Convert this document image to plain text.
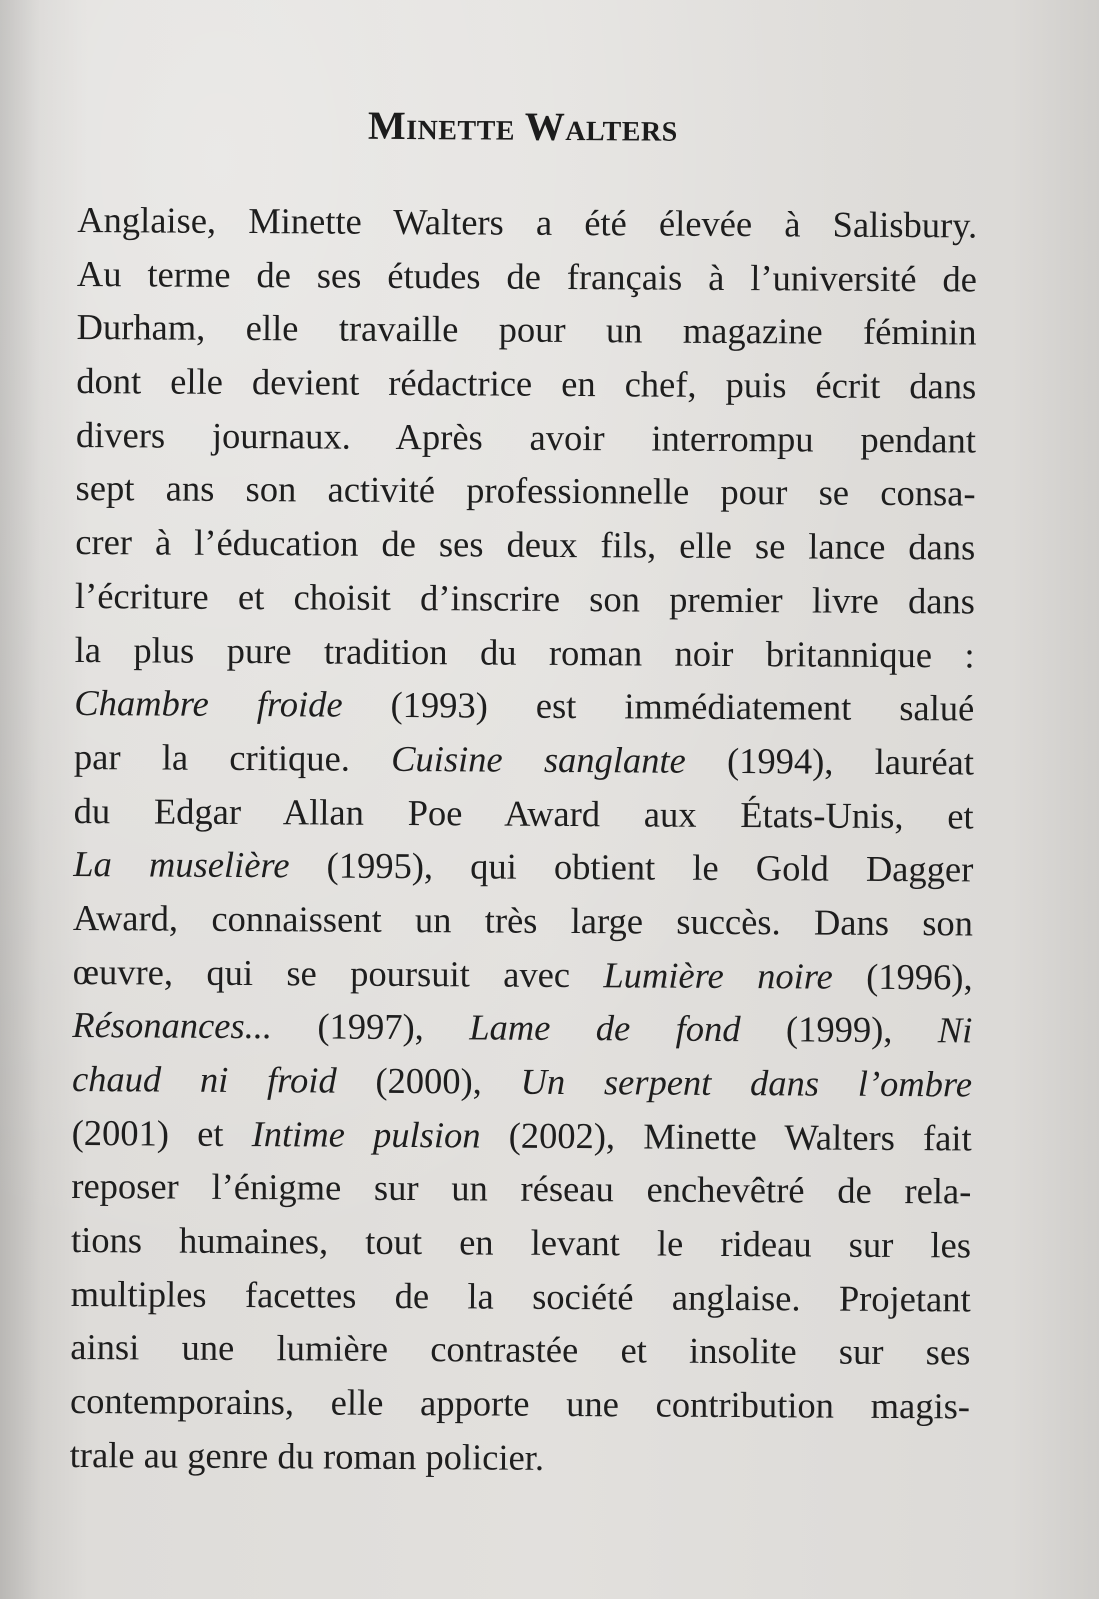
Minette Walters
Anglaise, Minette Walters a été élevée à Salisbury.
Au terme de ses études de français à l’université de
Durham, elle travaille pour un magazine féminin
dont elle devient rédactrice en chef, puis écrit dans
divers journaux. Après avoir interrompu pendant
sept ans son activité professionnelle pour se consa-
crer à l’éducation de ses deux fils, elle se lance dans
l’écriture et choisit d’inscrire son premier livre dans
la plus pure tradition du roman noir britannique :
Chambre froide (1993) est immédiatement salué
par la critique. Cuisine sanglante (1994), lauréat
du Edgar Allan Poe Award aux États-Unis, et
La muselière (1995), qui obtient le Gold Dagger
Award, connaissent un très large succès. Dans son
œuvre, qui se poursuit avec Lumière noire (1996),
Résonances... (1997), Lame de fond (1999), Ni
chaud ni froid (2000), Un serpent dans l’ombre
(2001) et Intime pulsion (2002), Minette Walters fait
reposer l’énigme sur un réseau enchevêtré de rela-
tions humaines, tout en levant le rideau sur les
multiples facettes de la société anglaise. Projetant
ainsi une lumière contrastée et insolite sur ses
contemporains, elle apporte une contribution magis-
trale au genre du roman policier.
